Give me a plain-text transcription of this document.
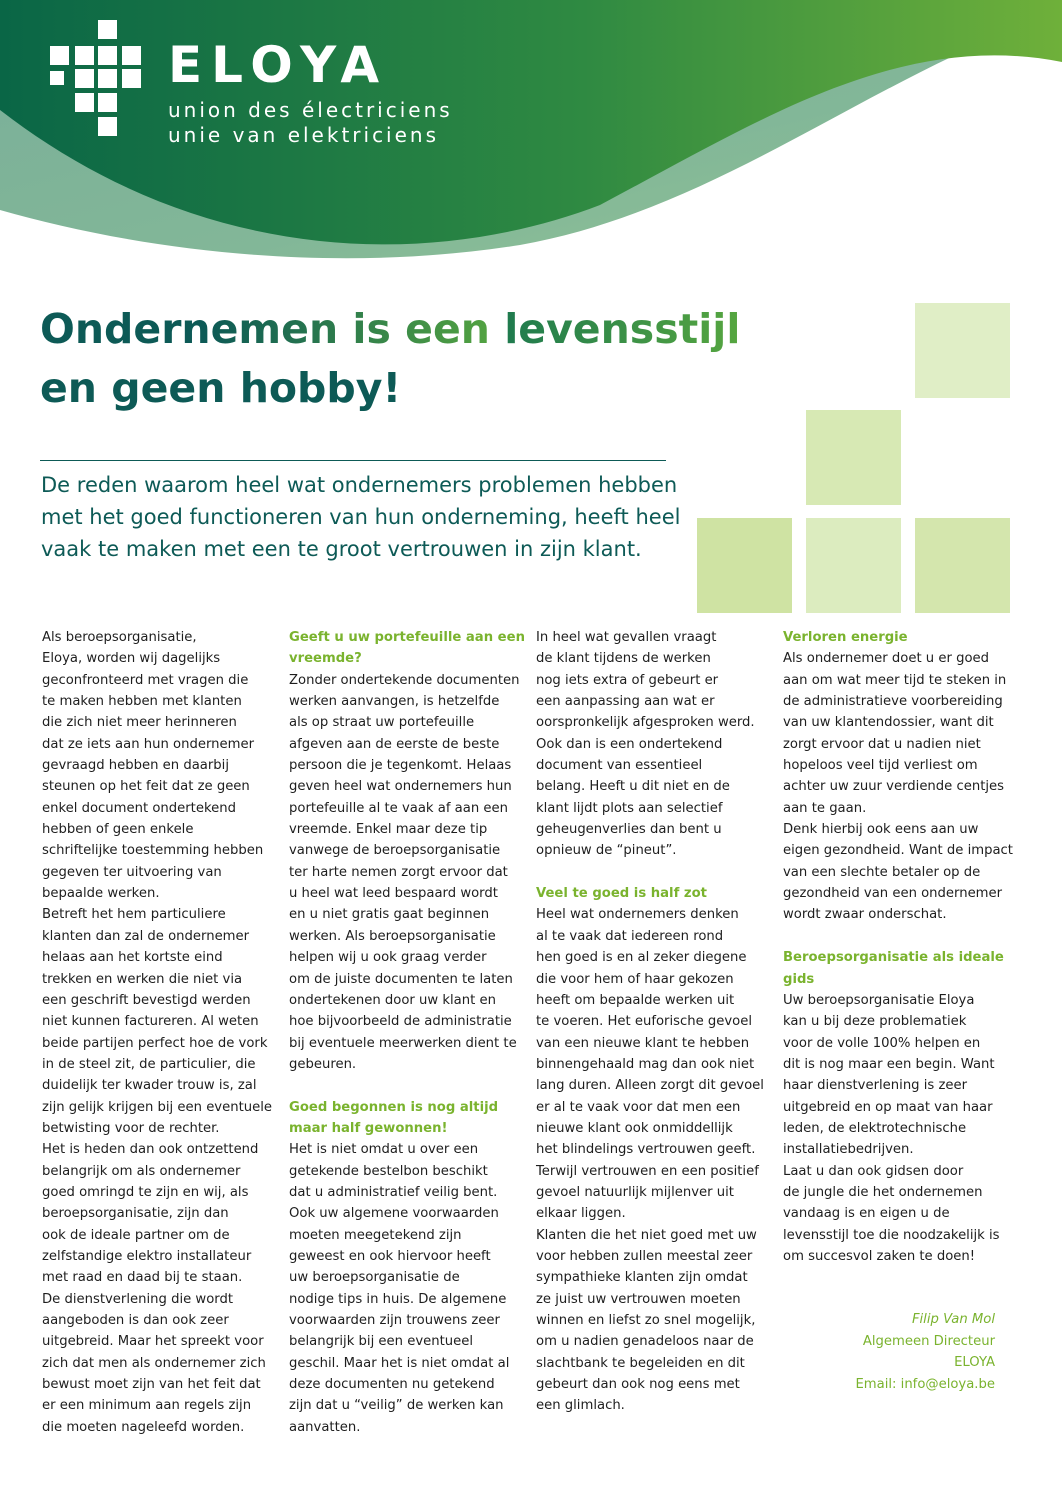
ELOYA
union des électriciens
unie van elektriciens
Ondernemen is een levensstijl
en geen hobby!
De reden waarom heel wat ondernemers problemen hebben
met het goed functioneren van hun onderneming, heeft heel
vaak te maken met een te groot vertrouwen in zijn klant.

Als beroepsorganisatie,
Eloya, worden wij dagelijks
geconfronteerd met vragen die
te maken hebben met klanten
die zich niet meer herinneren
dat ze iets aan hun ondernemer
gevraagd hebben en daarbij
steunen op het feit dat ze geen
enkel document ondertekend
hebben of geen enkele
schriftelijke toestemming hebben
gegeven ter uitvoering van
bepaalde werken.

Betreft het hem particuliere
klanten dan zal de ondernemer
helaas aan het kortste eind
trekken en werken die niet via
een geschrift bevestigd werden
niet kunnen factureren. Al weten
beide partijen perfect hoe de vork
in de steel zit, de particulier, die
duidelijk ter kwader trouw is, zal
zijn gelijk krijgen bij een eventuele
betwisting voor de rechter.

Het is heden dan ook ontzettend
belangrijk om als ondernemer
goed omringd te zijn en wij, als
beroepsorganisatie, zijn dan
ook de ideale partner om de
zelfstandige elektro installateur
met raad en daad bij te staan.

De dienstverlening die wordt
aangeboden is dan ook zeer
uitgebreid. Maar het spreekt voor
zich dat men als ondernemer zich
bewust moet zijn van het feit dat
er een minimum aan regels zijn
die moeten nageleefd worden.

Geeft u uw portefeuille aan een
vreemde?

Zonder ondertekende documenten
werken aanvangen, is hetzelfde
als op straat uw portefeuille
afgeven aan de eerste de beste
persoon die je tegenkomt. Helaas
geven heel wat ondernemers hun
portefeuille al te vaak af aan een
vreemde. Enkel maar deze tip
vanwege de beroepsorganisatie
ter harte nemen zorgt ervoor dat
u heel wat leed bespaard wordt
en u niet gratis gaat beginnen
werken. Als beroepsorganisatie
helpen wij u ook graag verder
om de juiste documenten te laten
ondertekenen door uw klant en
hoe bijvoorbeeld de administratie
bij eventuele meerwerken dient te
gebeuren.

Goed begonnen is nog altijd
maar half gewonnen!

Het is niet omdat u over een
getekende bestelbon beschikt
dat u administratief veilig bent.
Ook uw algemene voorwaarden
moeten meegetekend zijn
geweest en ook hiervoor heeft
uw beroepsorganisatie de
nodige tips in huis. De algemene
voorwaarden zijn trouwens zeer
belangrijk bij een eventueel
geschil. Maar het is niet omdat al
deze documenten nu getekend
zijn dat u “veilig” de werken kan
aanvatten.

In heel wat gevallen vraagt
de klant tijdens de werken
nog iets extra of gebeurt er
een aanpassing aan wat er
oorspronkelijk afgesproken werd.
Ook dan is een ondertekend
document van essentieel
belang. Heeft u dit niet en de
klant lijdt plots aan selectief
geheugenverlies dan bent u
opnieuw de “pineut”.

Veel te goed is half zot

Heel wat ondernemers denken
al te vaak dat iedereen rond
hen goed is en al zeker diegene
die voor hem of haar gekozen
heeft om bepaalde werken uit
te voeren. Het euforische gevoel
van een nieuwe klant te hebben
binnengehaald mag dan ook niet
lang duren. Alleen zorgt dit gevoel
er al te vaak voor dat men een
nieuwe klant ook onmiddellijk
het blindelings vertrouwen geeft.
Terwijl vertrouwen en een positief
gevoel natuurlijk mijlenver uit
elkaar liggen.

Klanten die het niet goed met uw
voor hebben zullen meestal zeer
sympathieke klanten zijn omdat
ze juist uw vertrouwen moeten
winnen en liefst zo snel mogelijk,
om u nadien genadeloos naar de
slachtbank te begeleiden en dit
gebeurt dan ook nog eens met
een glimlach.

Verloren energie

Als ondernemer doet u er goed
aan om wat meer tijd te steken in
de administratieve voorbereiding
van uw klantendossier, want dit
zorgt ervoor dat u nadien niet
hopeloos veel tijd verliest om
achter uw zuur verdiende centjes
aan te gaan.

Denk hierbij ook eens aan uw
eigen gezondheid. Want de impact
van een slechte betaler op de
gezondheid van een ondernemer
wordt zwaar onderschat.

Beroepsorganisatie als ideale
gids

Uw beroepsorganisatie Eloya
kan u bij deze problematiek
voor de volle 100% helpen en
dit is nog maar een begin. Want
haar dienstverlening is zeer
uitgebreid en op maat van haar
leden, de elektrotechnische
installatiebedrijven.

Laat u dan ook gidsen door
de jungle die het ondernemen
vandaag is en eigen u de
levensstijl toe die noodzakelijk is
om succesvol zaken te doen!

Filip Van Mol
Algemeen Directeur
ELOYA
Email: info@eloya.be
